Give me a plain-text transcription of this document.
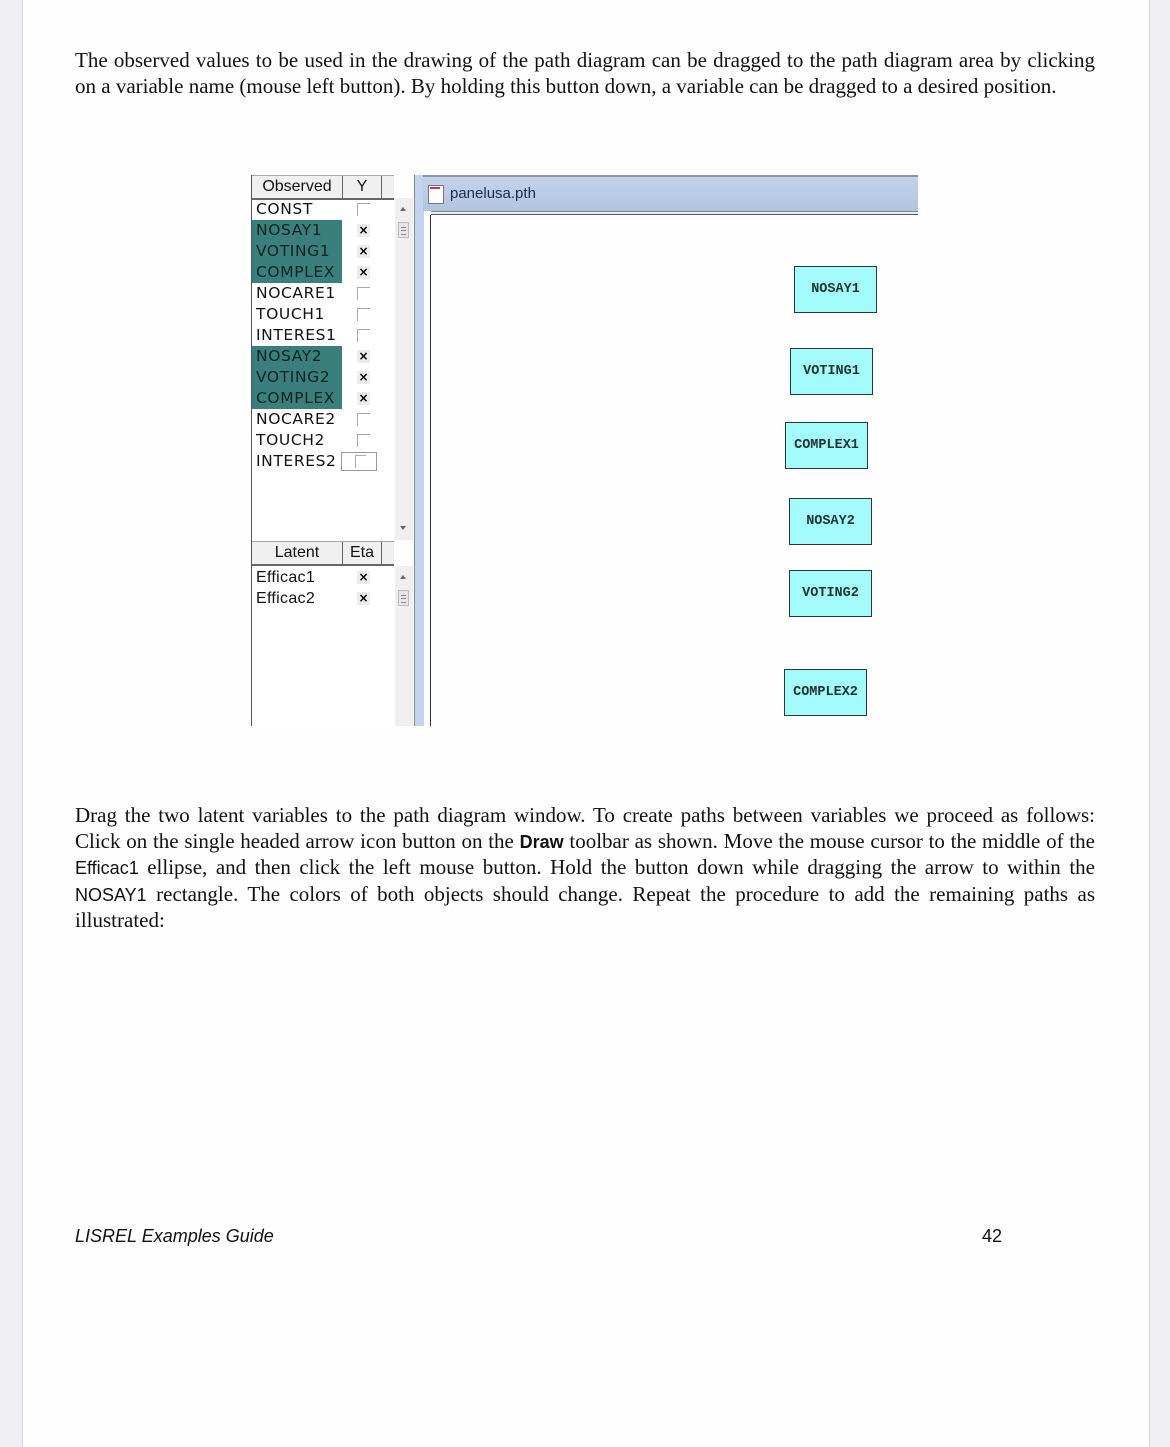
The observed values to be used in the drawing of the path diagram can be dragged to the path diagram area by clicking on a variable name (mouse left button). By holding this button down, a variable can be dragged to a desired position.

Observed	Y
CONST
NOSAY1	×
VOTING1	×
COMPLEX	×
NOCARE1
TOUCH1
INTERES1
NOSAY2	×
VOTING2	×
COMPLEX	×
NOCARE2
TOUCH2
INTERES2
Latent	Eta
Efficac1	×
Efficac2	×
panelusa.pth
NOSAY1
VOTING1
COMPLEX1
NOSAY2
VOTING2
COMPLEX2

Drag the two latent variables to the path diagram window. To create paths between variables we proceed as follows: Click on the single headed arrow icon button on the Draw toolbar as shown. Move the mouse cursor to the middle of the Efficac1 ellipse, and then click the left mouse button. Hold the button down while dragging the arrow to within the NOSAY1 rectangle. The colors of both objects should change. Repeat the procedure to add the remaining paths as illustrated:

LISREL Examples Guide	42
